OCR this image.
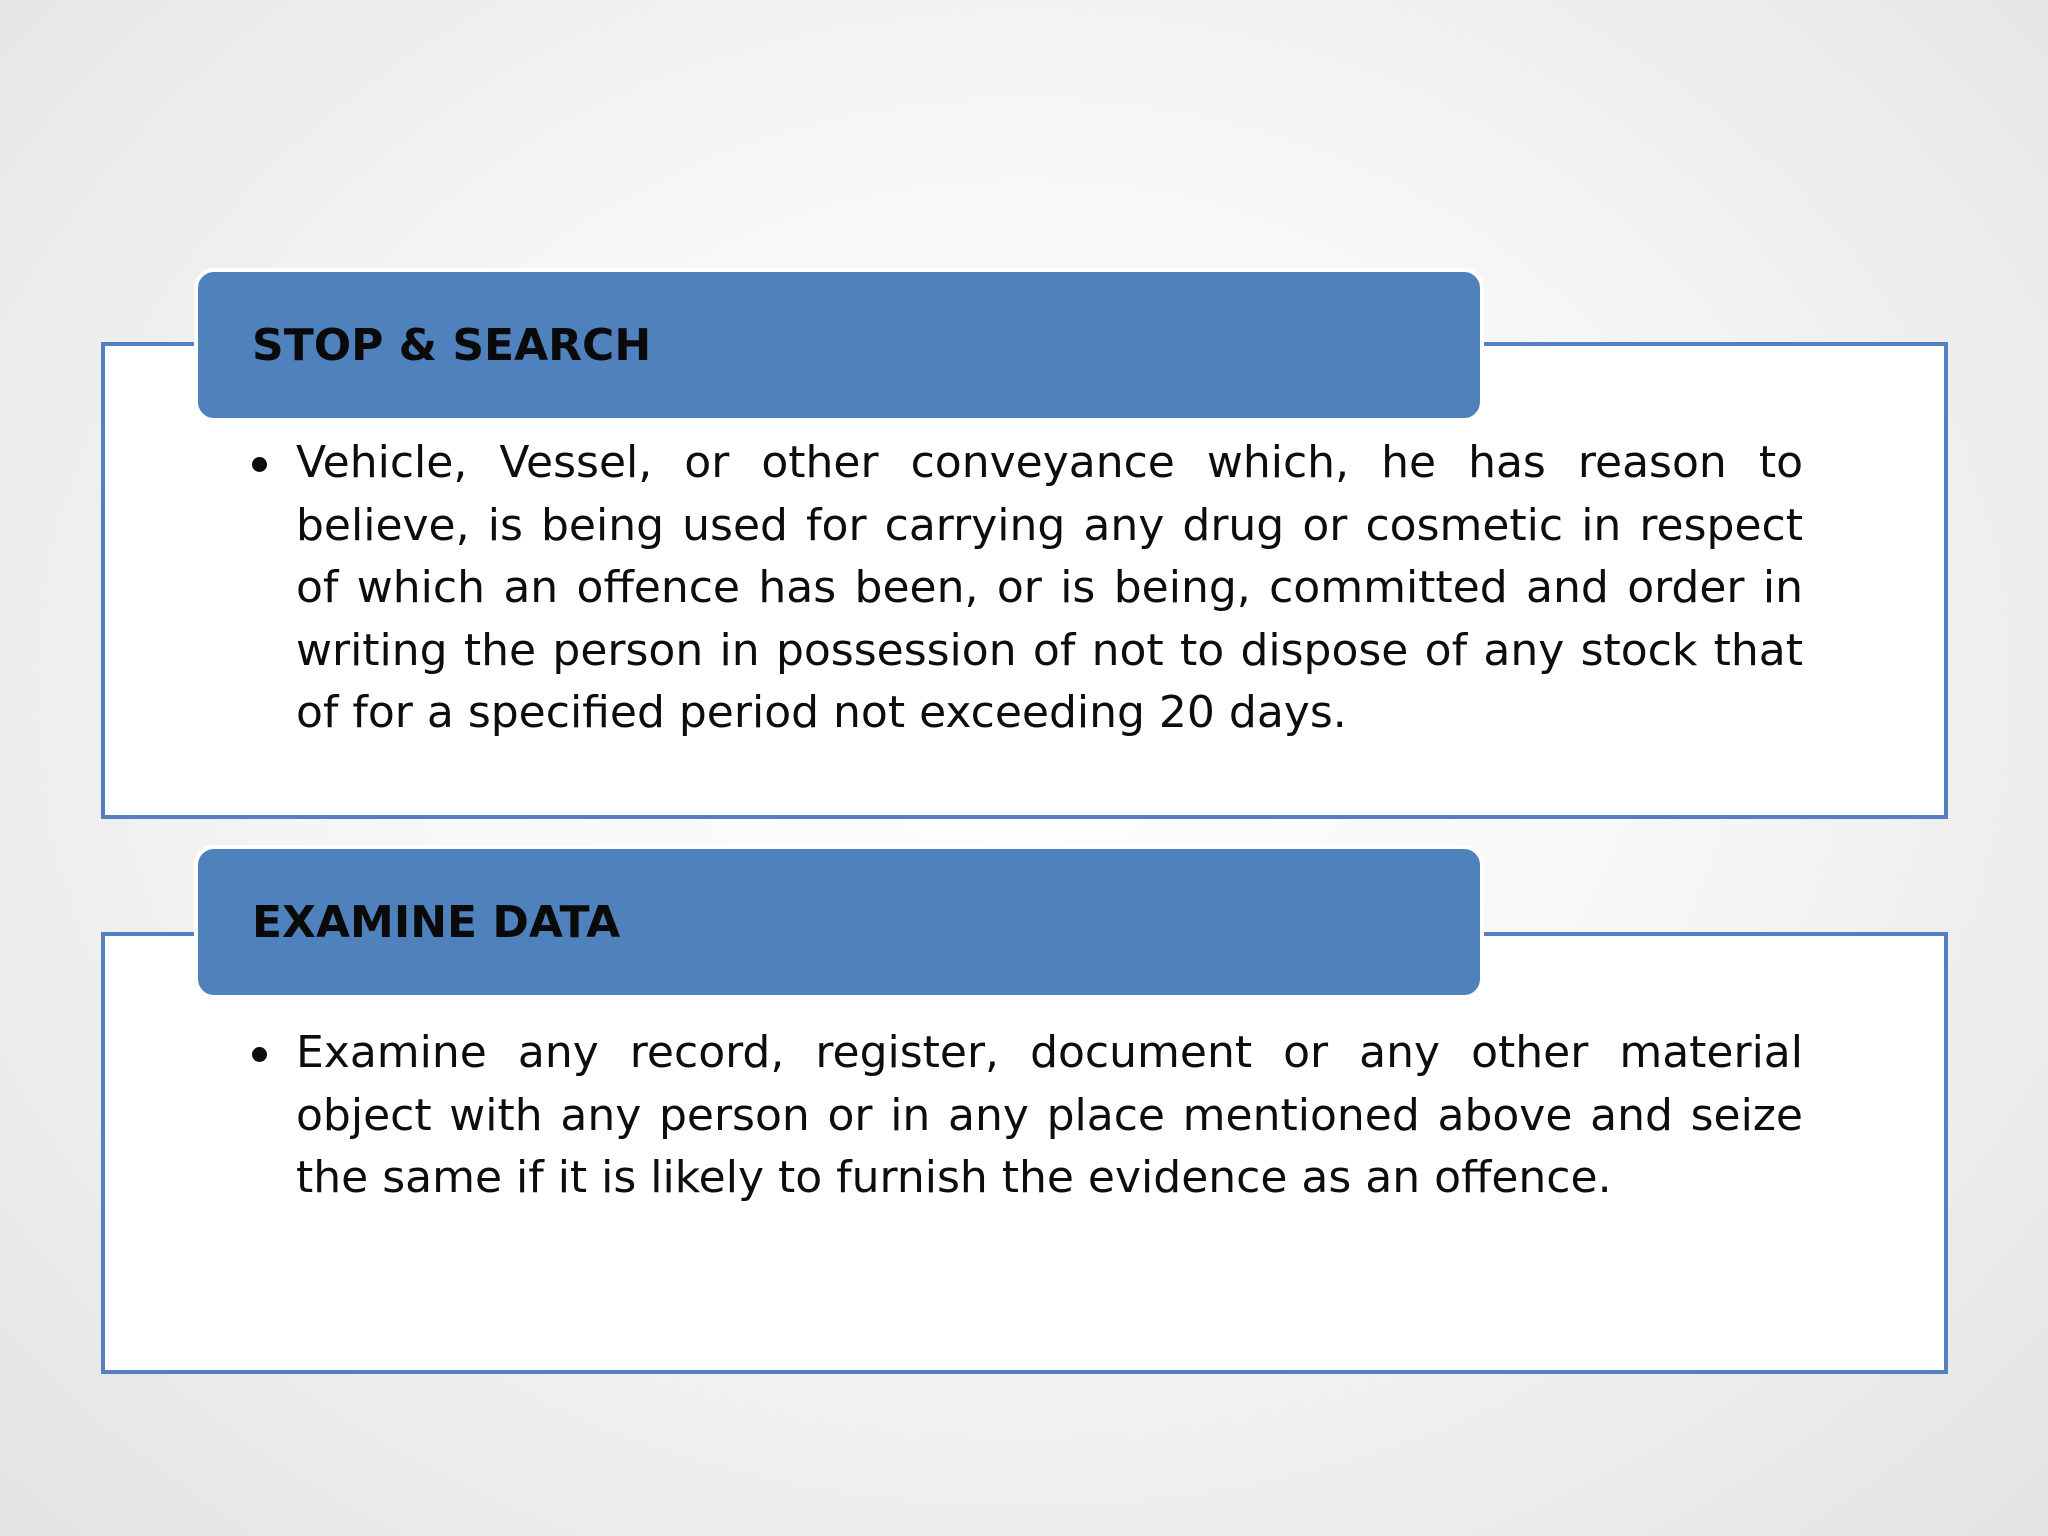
STOP & SEARCH
Vehicle, Vessel, or other conveyance which, he has reason to believe, is being used for carrying any drug or cosmetic in respect of which an offence has been, or is being, committed and order in writing the person in possession of not to dispose of any stock that of for a specified period not exceeding 20 days.
EXAMINE DATA
Examine any record, register, document or any other material object with any person or in any place mentioned above and seize the same if it is likely to furnish the evidence as an offence.
